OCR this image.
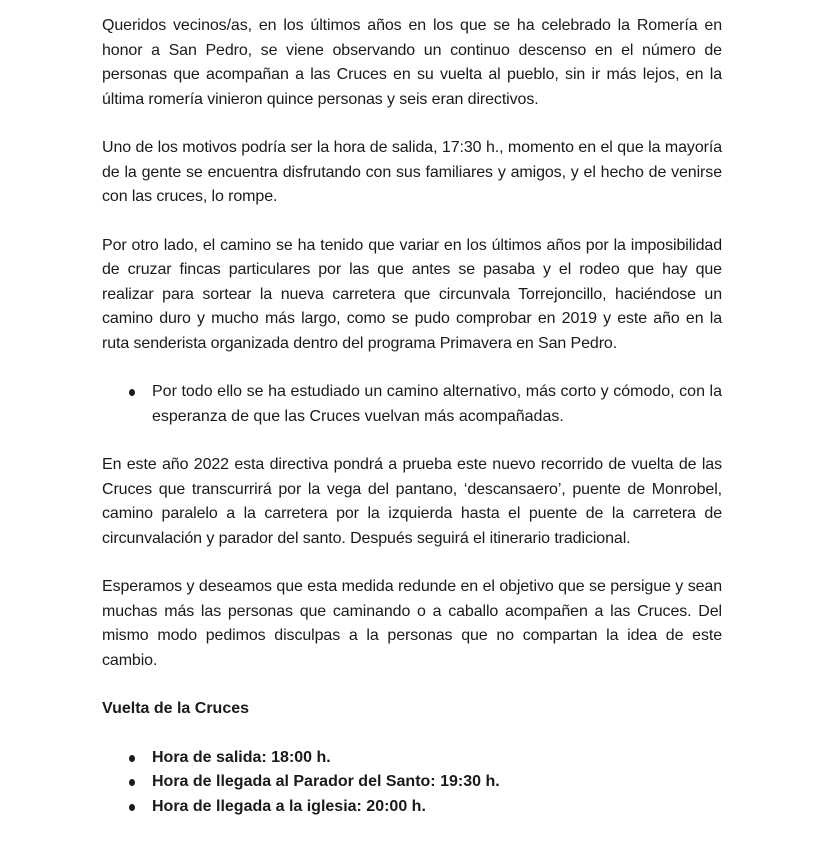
Queridos vecinos/as, en los últimos años en los que se ha celebrado la Romería en honor a San Pedro, se viene observando un continuo descenso en el número de personas que acompañan a las Cruces en su vuelta al pueblo, sin ir más lejos, en la última romería vinieron quince personas y seis eran directivos.

Uno de los motivos podría ser la hora de salida, 17:30 h., momento en el que la mayoría de la gente se encuentra disfrutando con sus familiares y amigos, y el hecho de venirse con las cruces, lo rompe.

Por otro lado, el camino se ha tenido que variar en los últimos años por la imposibilidad de cruzar fincas particulares por las que antes se pasaba y el rodeo que hay que realizar para sortear la nueva carretera que circunvala Torrejoncillo, haciéndose un camino duro y mucho más largo, como se pudo comprobar en 2019 y este año en la ruta senderista organizada dentro del programa Primavera en San Pedro.

Por todo ello se ha estudiado un camino alternativo, más corto y cómodo, con la esperanza de que las Cruces vuelvan más acompañadas.

En este año 2022 esta directiva pondrá a prueba este nuevo recorrido de vuelta de las Cruces que transcurrirá por la vega del pantano, ‘descansaero’, puente de Monrobel, camino paralelo a la carretera por la izquierda hasta el puente de la carretera de circunvalación y parador del santo. Después seguirá el itinerario tradicional.

Esperamos y deseamos que esta medida redunde en el objetivo que se persigue y sean muchas más las personas que caminando o a caballo acompañen a las Cruces. Del mismo modo pedimos disculpas a la personas que no compartan la idea de este cambio.

Vuelta de la Cruces

Hora de salida: 18:00 h.
Hora de llegada al Parador del Santo: 19:30 h.
Hora de llegada a la iglesia: 20:00 h.
